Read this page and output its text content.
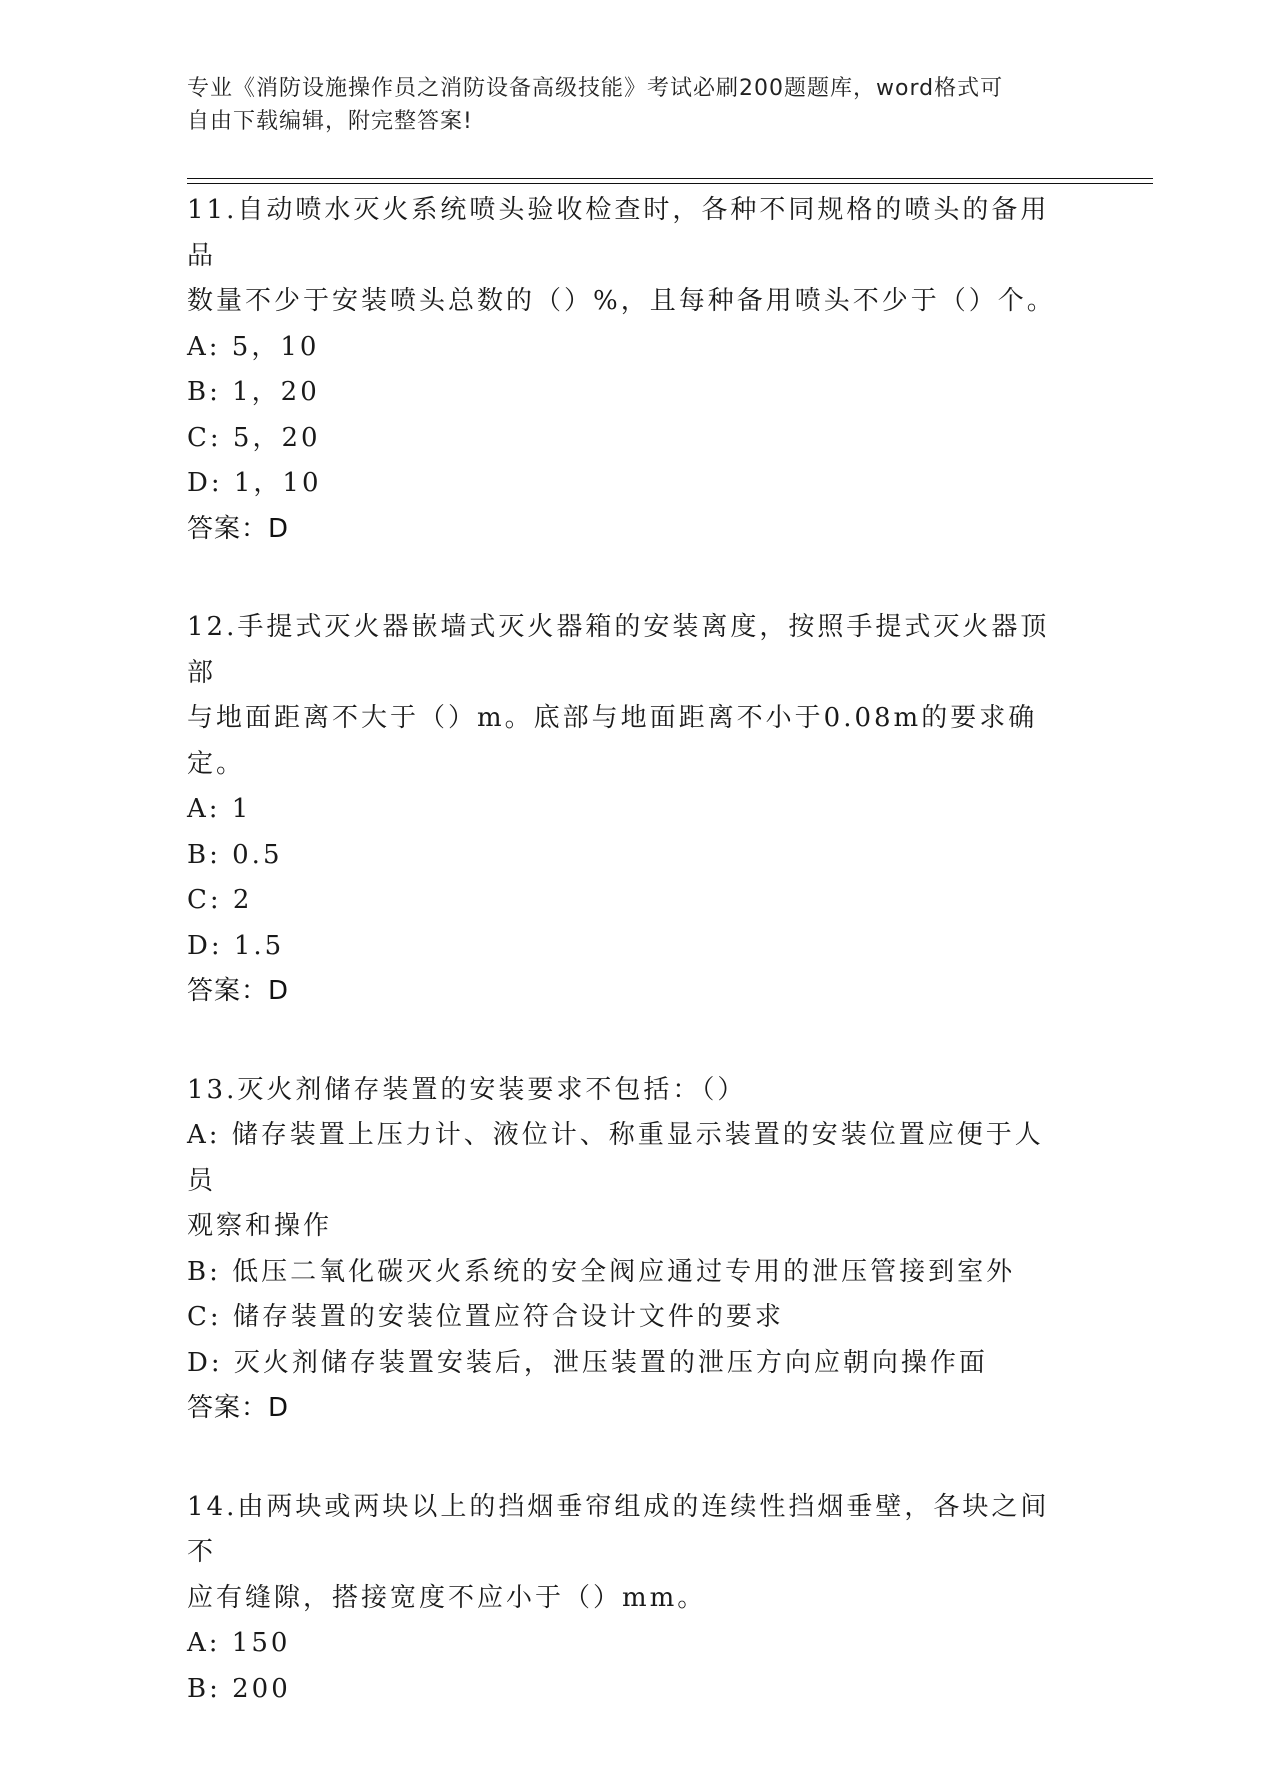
专业《消防设施操作员之消防设备高级技能》考试必刷200题题库，word格式可
自由下载编辑，附完整答案!
11.自动喷水灭火系统喷头验收检查时，各种不同规格的喷头的备用品
数量不少于安装喷头总数的（）%，且每种备用喷头不少于（）个。
A: 5，10
B: 1，20
C: 5，20
D: 1，10
答案：D
12.手提式灭火器嵌墙式灭火器箱的安装离度，按照手提式灭火器顶部
与地面距离不大于（）m。底部与地面距离不小于0.08m的要求确定。
A: 1
B: 0.5
C: 2
D: 1.5
答案：D
13.灭火剂储存装置的安装要求不包括：（）
A: 储存装置上压力计、液位计、称重显示装置的安装位置应便于人员
观察和操作
B: 低压二氧化碳灭火系统的安全阀应通过专用的泄压管接到室外
C: 储存装置的安装位置应符合设计文件的要求
D: 灭火剂储存装置安装后，泄压装置的泄压方向应朝向操作面
答案：D
14.由两块或两块以上的挡烟垂帘组成的连续性挡烟垂壁，各块之间不
应有缝隙，搭接宽度不应小于（）mm。
A: 150
B: 200
